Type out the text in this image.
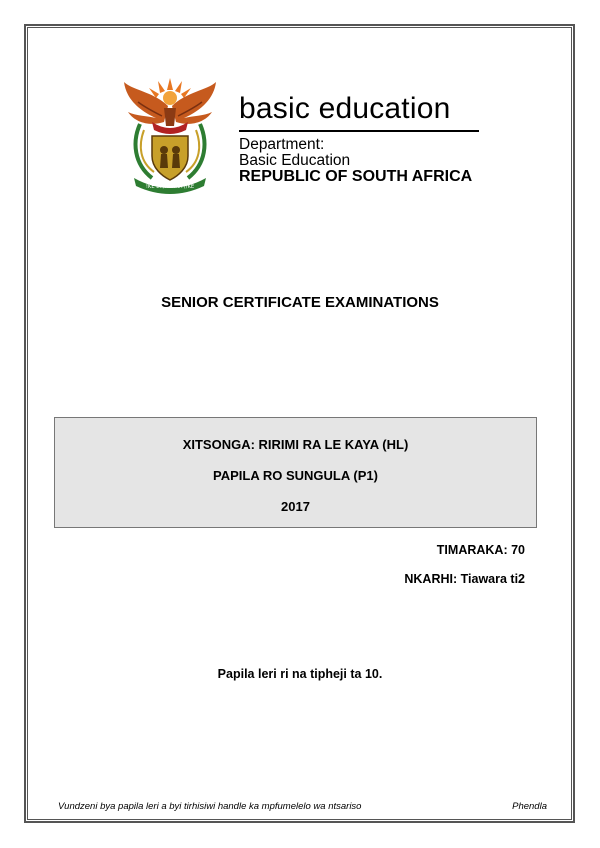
!KE E: /XARRA //KE
basic education
Department:
Basic Education
REPUBLIC OF SOUTH AFRICA
SENIOR CERTIFICATE EXAMINATIONS
XITSONGA: RIRIMI RA LE KAYA (HL)
PAPILA RO SUNGULA (P1)
2017
TIMARAKA: 70
NKARHI: Tiawara ti2
Papila leri ri na tipheji ta 10.
Vundzeni bya papila leri a byi tirhisiwi handle ka mpfumelelo wa ntsariso	Phendla
